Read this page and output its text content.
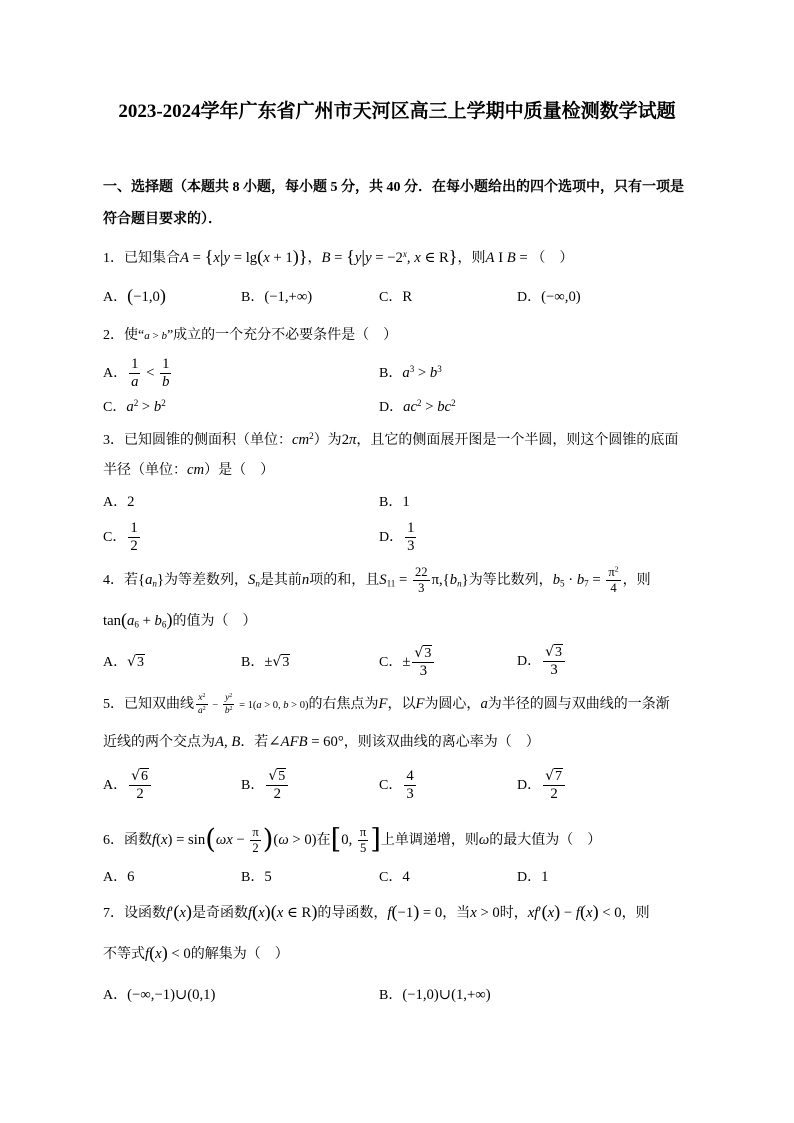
2023-2024学年广东省广州市天河区高三上学期中质量检测数学试题
一、选择题（本题共 8 小题，每小题 5 分，共 40 分．在每小题给出的四个选项中，只有一项是
符合题目要求的）．
1．已知集合A = {x|y = lg(x + 1)}，$B = \{y|y = -2^x$, x ∈ R}，则A I B = （　）
A．(−1,0)	B．(−1,+∞)	C．R	D．(−∞,0)
2．使“a > b”成立的一个充分不必要条件是（　）
A． $\frac{1}{a} < \frac{1}{b}$	B．$a^3 > b^3$
C．$a^2 > b^2$	D．$ac^2 > bc^2$
3．已知圆锥的侧面积（单位：$cm^2$）为2π，且它的侧面展开图是一个半圆，则这个圆锥的底面
半径（单位：cm）是（　）
A．2	B．1
C． $\frac{1}{2}$	D． $\frac{1}{3}$
4．若{an}为等差数列，Sn是其前n项的和，且$S_{11} = \frac{22}{3} \pi,\{bn\}$为等比数列，$b_5 \cdot b_7 = \frac{\pi^2}{4}$ ，则
$\tan(a_6 + b_6)$的值为（　）
A．√3	B．±√3	C．± $\frac{√3}{3}$	D． $\frac{√3}{3}$
5．已知双曲线 $\frac{x^2}{a^2} - \frac{y^2}{b^2} = 1(a > 0$, b > 0)的右焦点为F，以F为圆心，a为半径的圆与双曲线的一条渐
近线的两个交点为A, B．若∠AFB = 60°，则该双曲线的离心率为（　）
A． $\frac{√6}{2}$	B． $\frac{√5}{2}$	C． $\frac{4}{3}$	D． $\frac{√7}{2}$
6．函数$f(x) = \sin(\omega x - \frac{\pi}{2} )(\omega > 0)$在[0, $\frac{\pi}{5}$ ]上单调递增，则ω的最大值为（　）
A．6	B．5	C．4	D．1
7．设函数f′(x)是奇函数f(x)(x ∈ R)的导函数，f(−1) = 0，当x > 0时，xf′(x) − f(x) < 0，则
不等式f(x) < 0的解集为（　）
A．(−∞,−1)∪(0,1)	B．(−1,0)∪(1,+∞)
